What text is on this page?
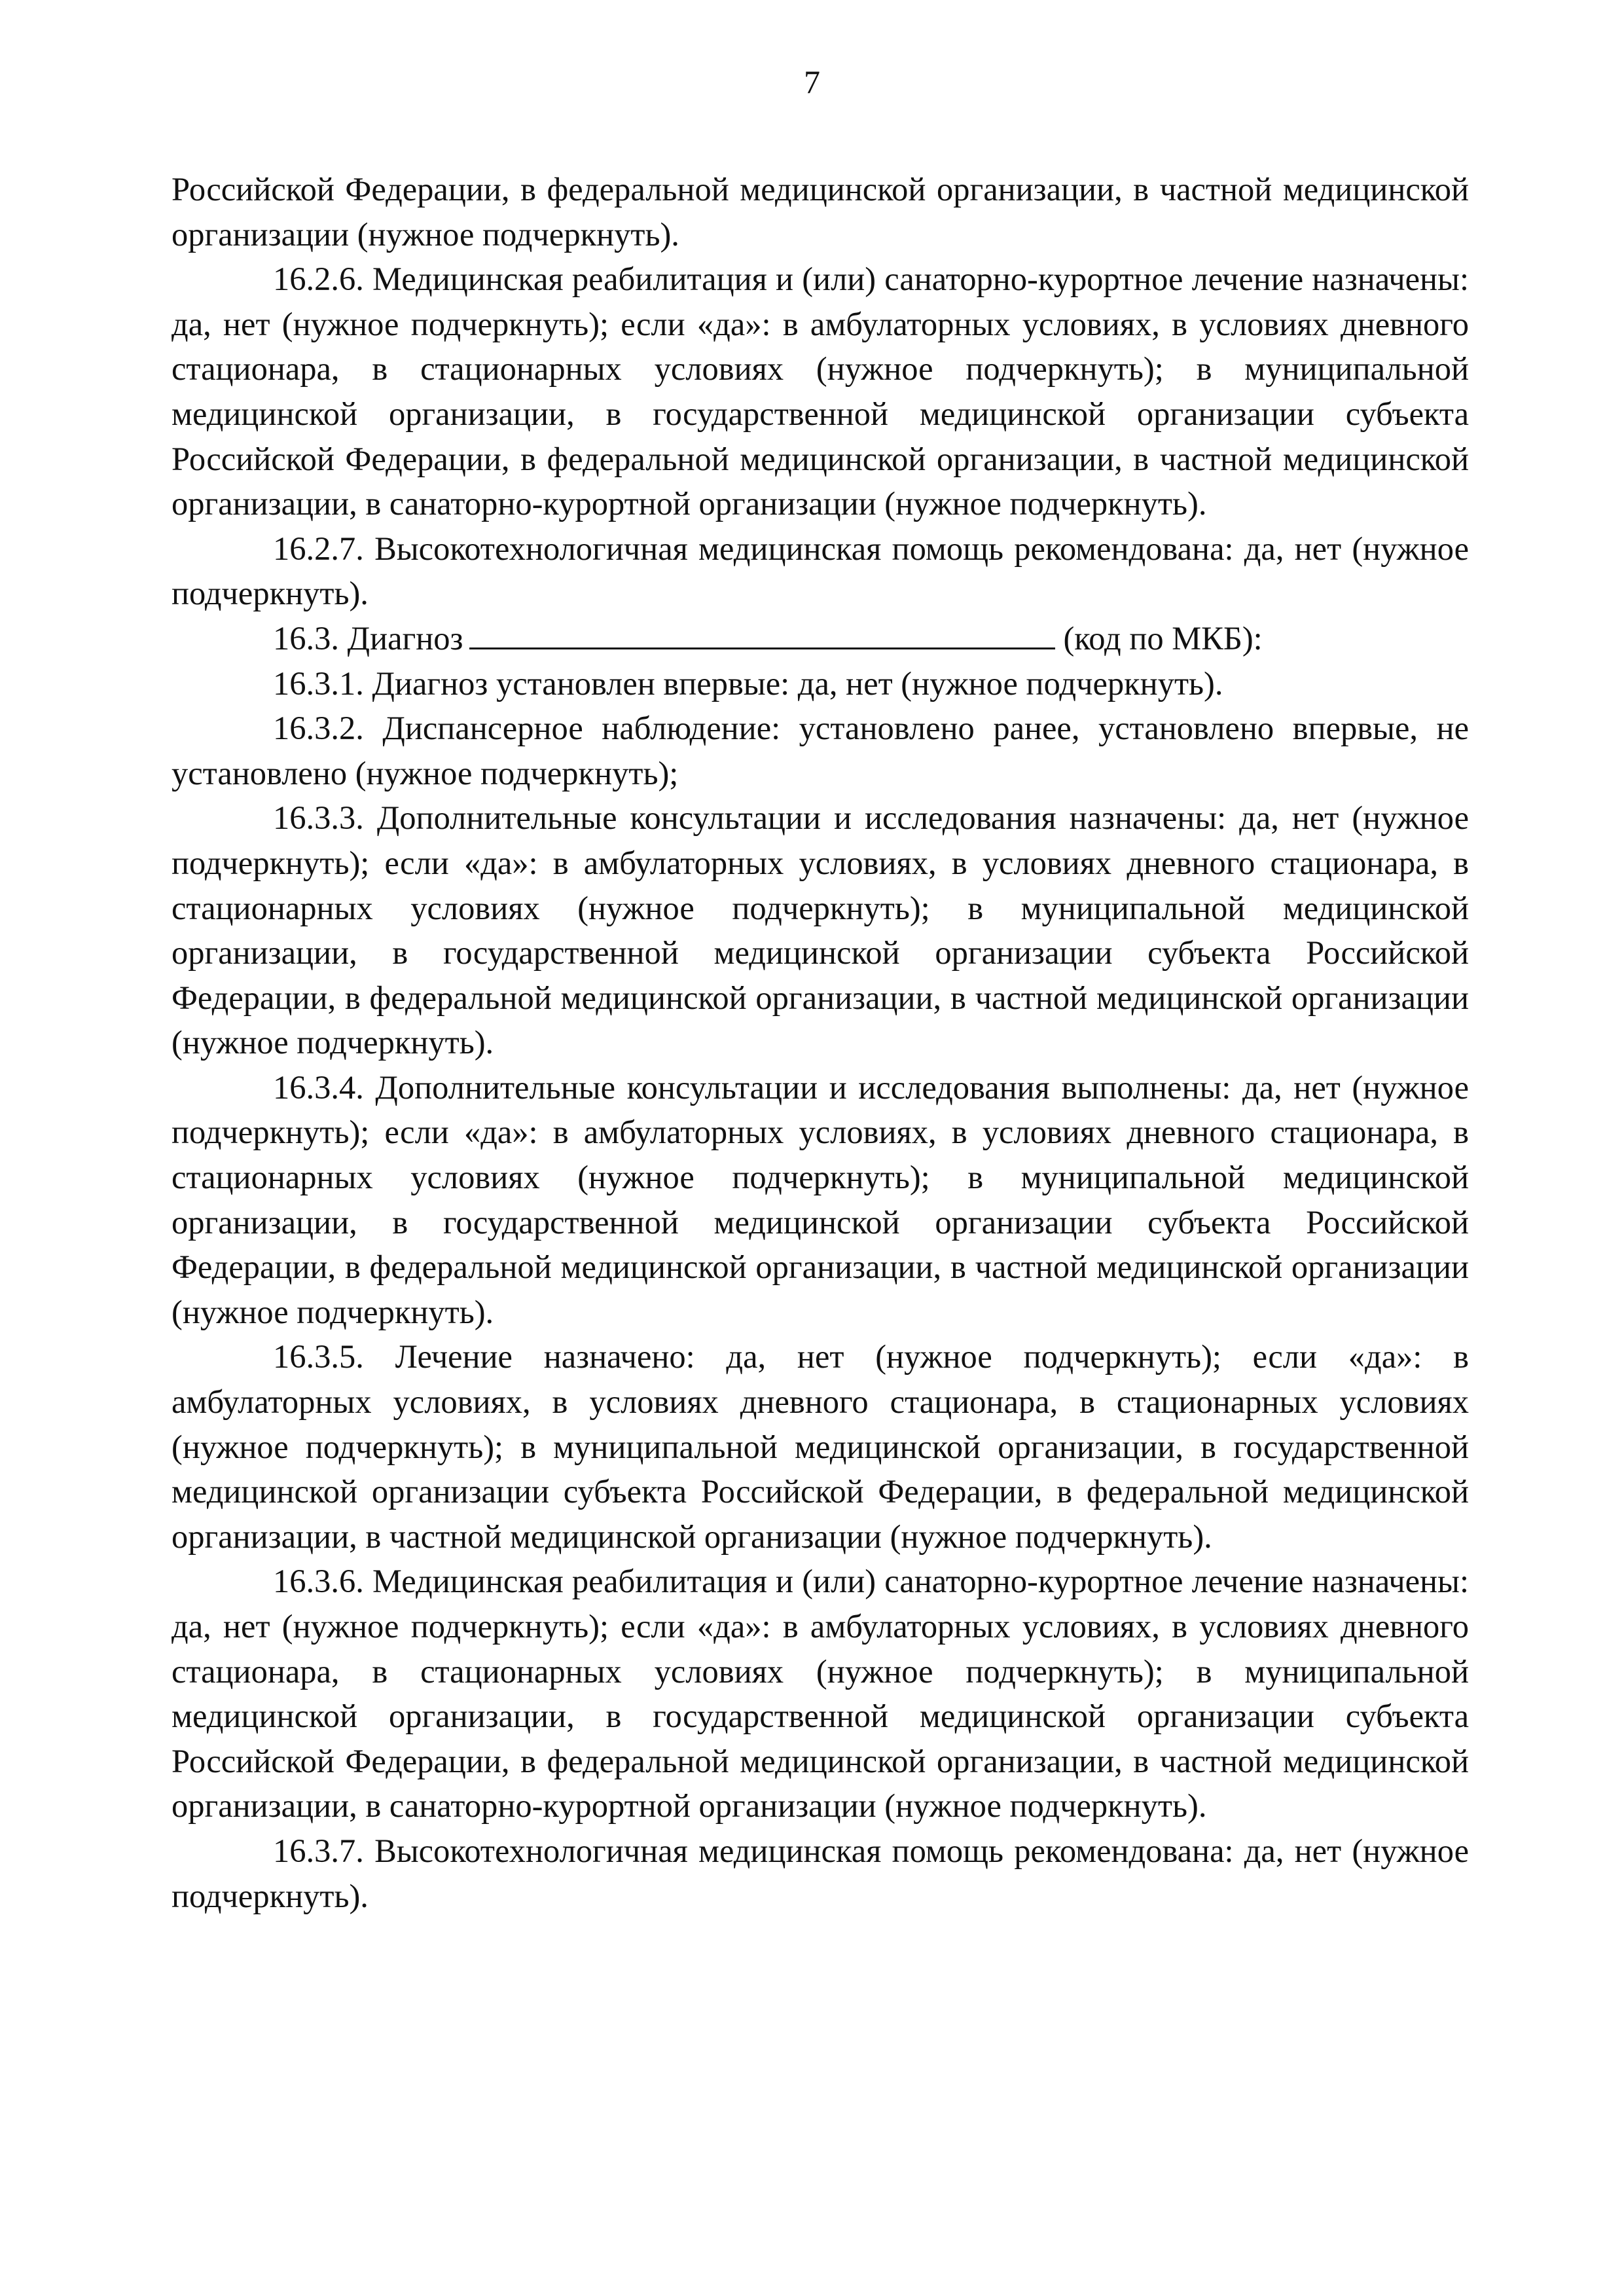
7

Российской Федерации, в федеральной медицинской организации, в частной медицинской организации (нужное подчеркнуть).

16.2.6. Медицинская реабилитация и (или) санаторно-курортное лечение назначены: да, нет (нужное подчеркнуть); если «да»: в амбулаторных условиях, в условиях дневного стационара, в стационарных условиях (нужное подчеркнуть); в муниципальной медицинской организации, в государственной медицинской организации субъекта Российской Федерации, в федеральной медицинской организации, в частной медицинской организации, в санаторно-курортной организации (нужное подчеркнуть).

16.2.7. Высокотехнологичная медицинская помощь рекомендована: да, нет (нужное подчеркнуть).

16.3. Диагноз	(код по МКБ):

16.3.1. Диагноз установлен впервые: да, нет (нужное подчеркнуть).

16.3.2. Диспансерное наблюдение: установлено ранее, установлено впервые, не установлено (нужное подчеркнуть);

16.3.3. Дополнительные консультации и исследования назначены: да, нет (нужное подчеркнуть); если «да»: в амбулаторных условиях, в условиях дневного стационара, в стационарных условиях (нужное подчеркнуть); в муниципальной медицинской организации, в государственной медицинской организации субъекта Российской Федерации, в федеральной медицинской организации, в частной медицинской организации (нужное подчеркнуть).

16.3.4. Дополнительные консультации и исследования выполнены: да, нет (нужное подчеркнуть); если «да»: в амбулаторных условиях, в условиях дневного стационара, в стационарных условиях (нужное подчеркнуть); в муниципальной медицинской организации, в государственной медицинской организации субъекта Российской Федерации, в федеральной медицинской организации, в частной медицинской организации (нужное подчеркнуть).

16.3.5. Лечение назначено: да, нет (нужное подчеркнуть); если «да»: в амбулаторных условиях, в условиях дневного стационара, в стационарных условиях (нужное подчеркнуть); в муниципальной медицинской организации, в государственной медицинской организации субъекта Российской Федерации, в федеральной медицинской организации, в частной медицинской организации (нужное подчеркнуть).

16.3.6. Медицинская реабилитация и (или) санаторно-курортное лечение назначены: да, нет (нужное подчеркнуть); если «да»: в амбулаторных условиях, в условиях дневного стационара, в стационарных условиях (нужное подчеркнуть); в муниципальной медицинской организации, в государственной медицинской организации субъекта Российской Федерации, в федеральной медицинской организации, в частной медицинской организации, в санаторно-курортной организации (нужное подчеркнуть).

16.3.7. Высокотехнологичная медицинская помощь рекомендована: да, нет (нужное подчеркнуть).
